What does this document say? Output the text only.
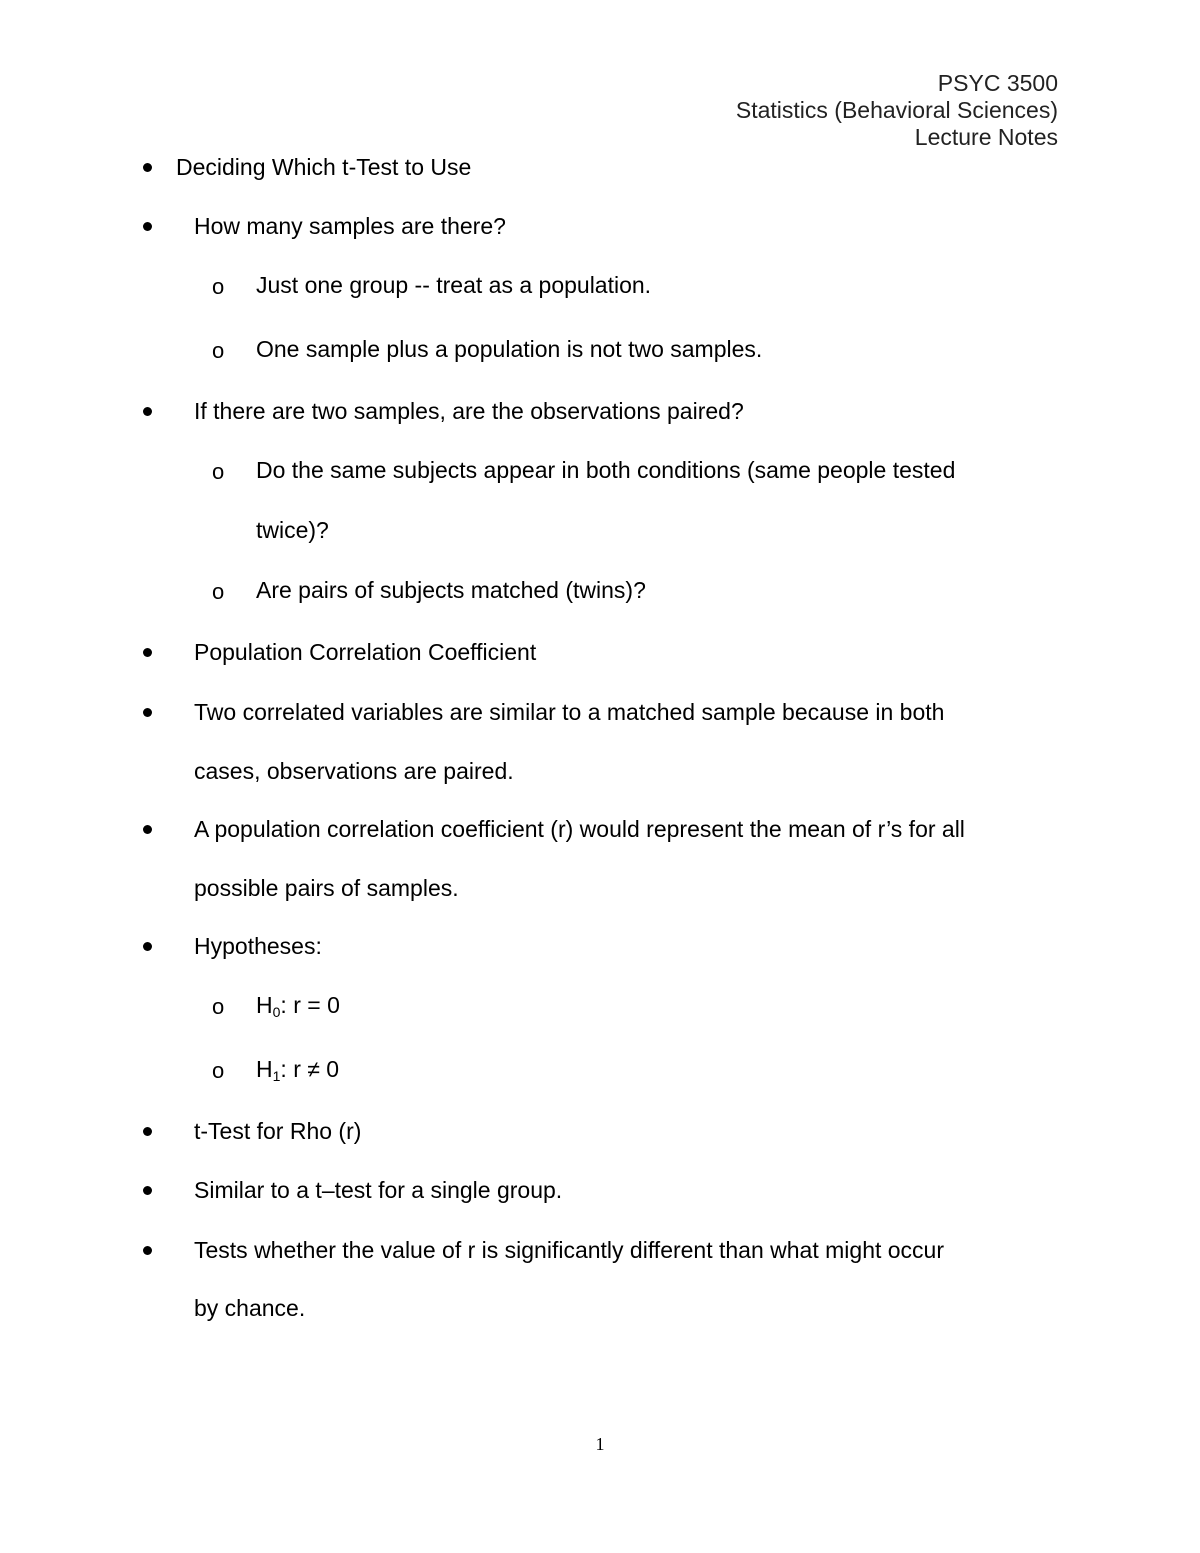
PSYC 3500
Statistics (Behavioral Sciences)
Lecture Notes
Deciding Which t-Test to Use
How many samples are there?
o Just one group -- treat as a population.
o One sample plus a population is not two samples.
If there are two samples, are the observations paired?
o Do the same subjects appear in both conditions (same people tested
twice)?
o Are pairs of subjects matched (twins)?
Population Correlation Coefficient
Two correlated variables are similar to a matched sample because in both
cases, observations are paired.
A population correlation coefficient (r) would represent the mean of r’s for all
possible pairs of samples.
Hypotheses:
o $H_0$: r = 0
o $H_1$: r ≠ 0
t-Test for Rho (r)
Similar to a t–test for a single group.
Tests whether the value of r is significantly different than what might occur
by chance.
1
